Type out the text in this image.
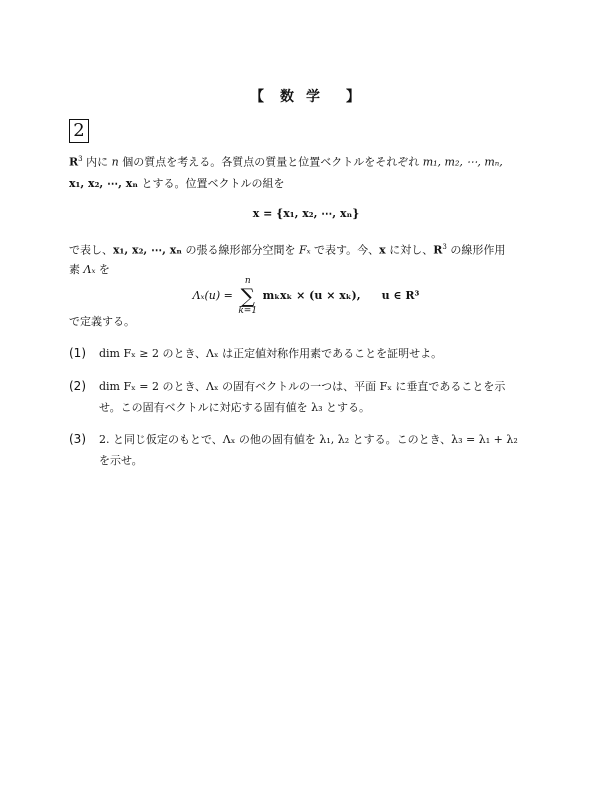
【 数学 】
2
$R^3$ 内に n 個の質点を考える。各質点の質量と位置ベクトルをそれぞれ m₁, m₂, ⋯, mₙ,
x₁, x₂, ⋯, xₙ とする。位置ベクトルの組を
x = {x₁, x₂, ⋯, xₙ}
で表し、x₁, x₂, ⋯, xₙ の張る線形部分空間を Fₓ で表す。今、x に対し、$R^3$ の線形作用
素 Λₓ を
Λₓ(u) = n
∑
k=1 mₖxₖ × (u × xₖ), u ∈ R³
で定義する。
(1) dim Fₓ ≥ 2 のとき、Λₓ は正定値対称作用素であることを証明せよ。
(2) dim Fₓ = 2 のとき、Λₓ の固有ベクトルの一つは、平面 Fₓ に垂直であることを示
せ。この固有ベクトルに対応する固有値を λ₃ とする。
(3) 2. と同じ仮定のもとで、Λₓ の他の固有値を λ₁, λ₂ とする。このとき、λ₃ = λ₁ + λ₂
を示せ。
